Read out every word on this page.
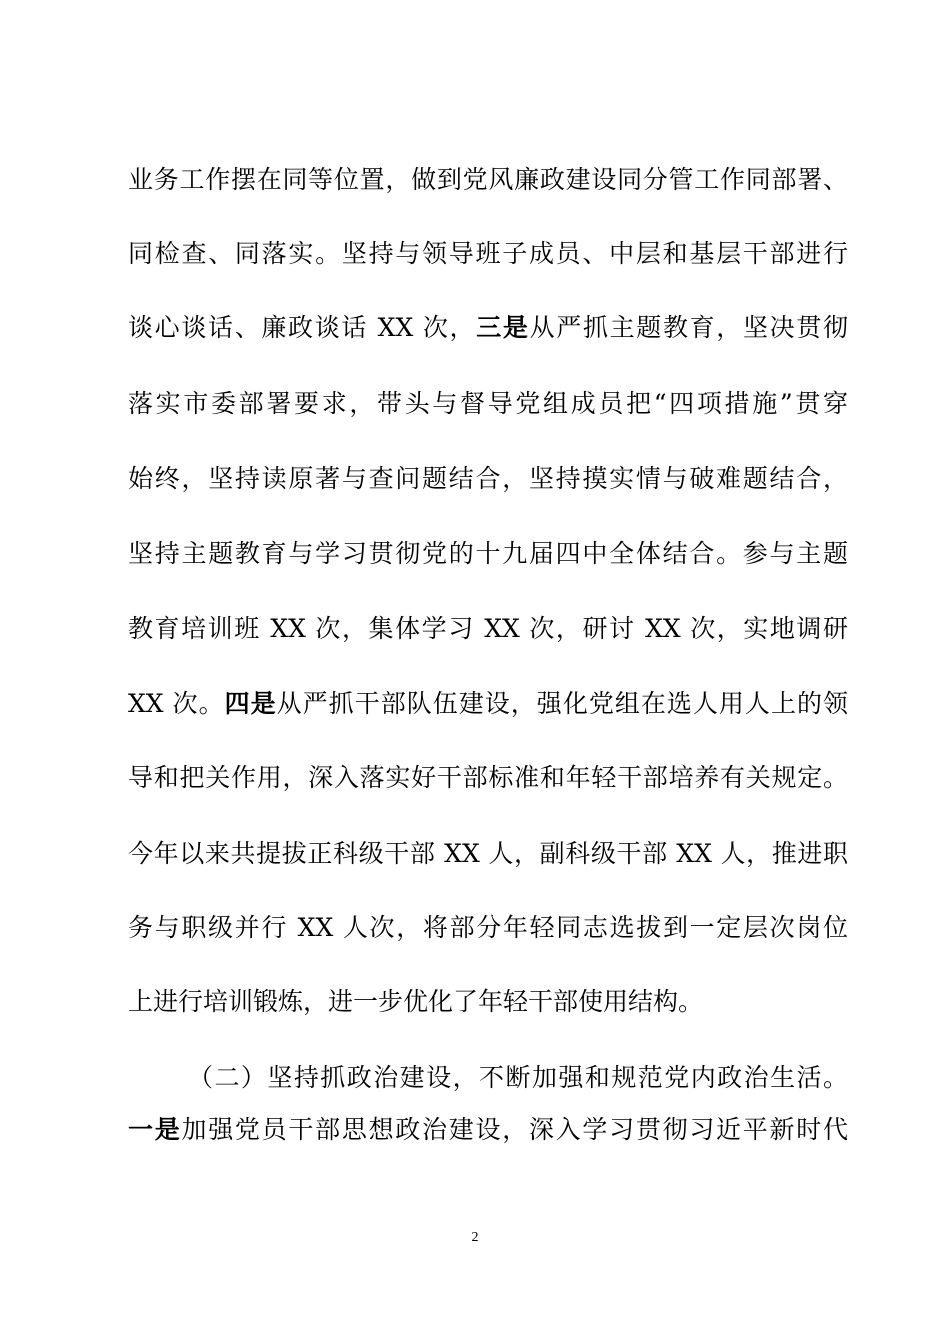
业务工作摆在同等位置，做到党风廉政建设同分管工作同部署、
同检查、同落实。坚持与领导班子成员、中层和基层干部进行
谈心谈话、廉政谈话 XX 次，三是从严抓主题教育，坚决贯彻
落实市委部署要求，带头与督导党组成员把“四项措施”贯穿
始终，坚持读原著与查问题结合，坚持摸实情与破难题结合，
坚持主题教育与学习贯彻党的十九届四中全体结合。参与主题
教育培训班 XX 次，集体学习 XX 次，研讨 XX 次，实地调研
XX 次。四是从严抓干部队伍建设，强化党组在选人用人上的领
导和把关作用，深入落实好干部标准和年轻干部培养有关规定。
今年以来共提拔正科级干部 XX 人，副科级干部 XX 人，推进职
务与职级并行 XX 人次，将部分年轻同志选拔到一定层次岗位
上进行培训锻炼，进一步优化了年轻干部使用结构。
（二）坚持抓政治建设，不断加强和规范党内政治生活。
一是加强党员干部思想政治建设，深入学习贯彻习近平新时代
2
